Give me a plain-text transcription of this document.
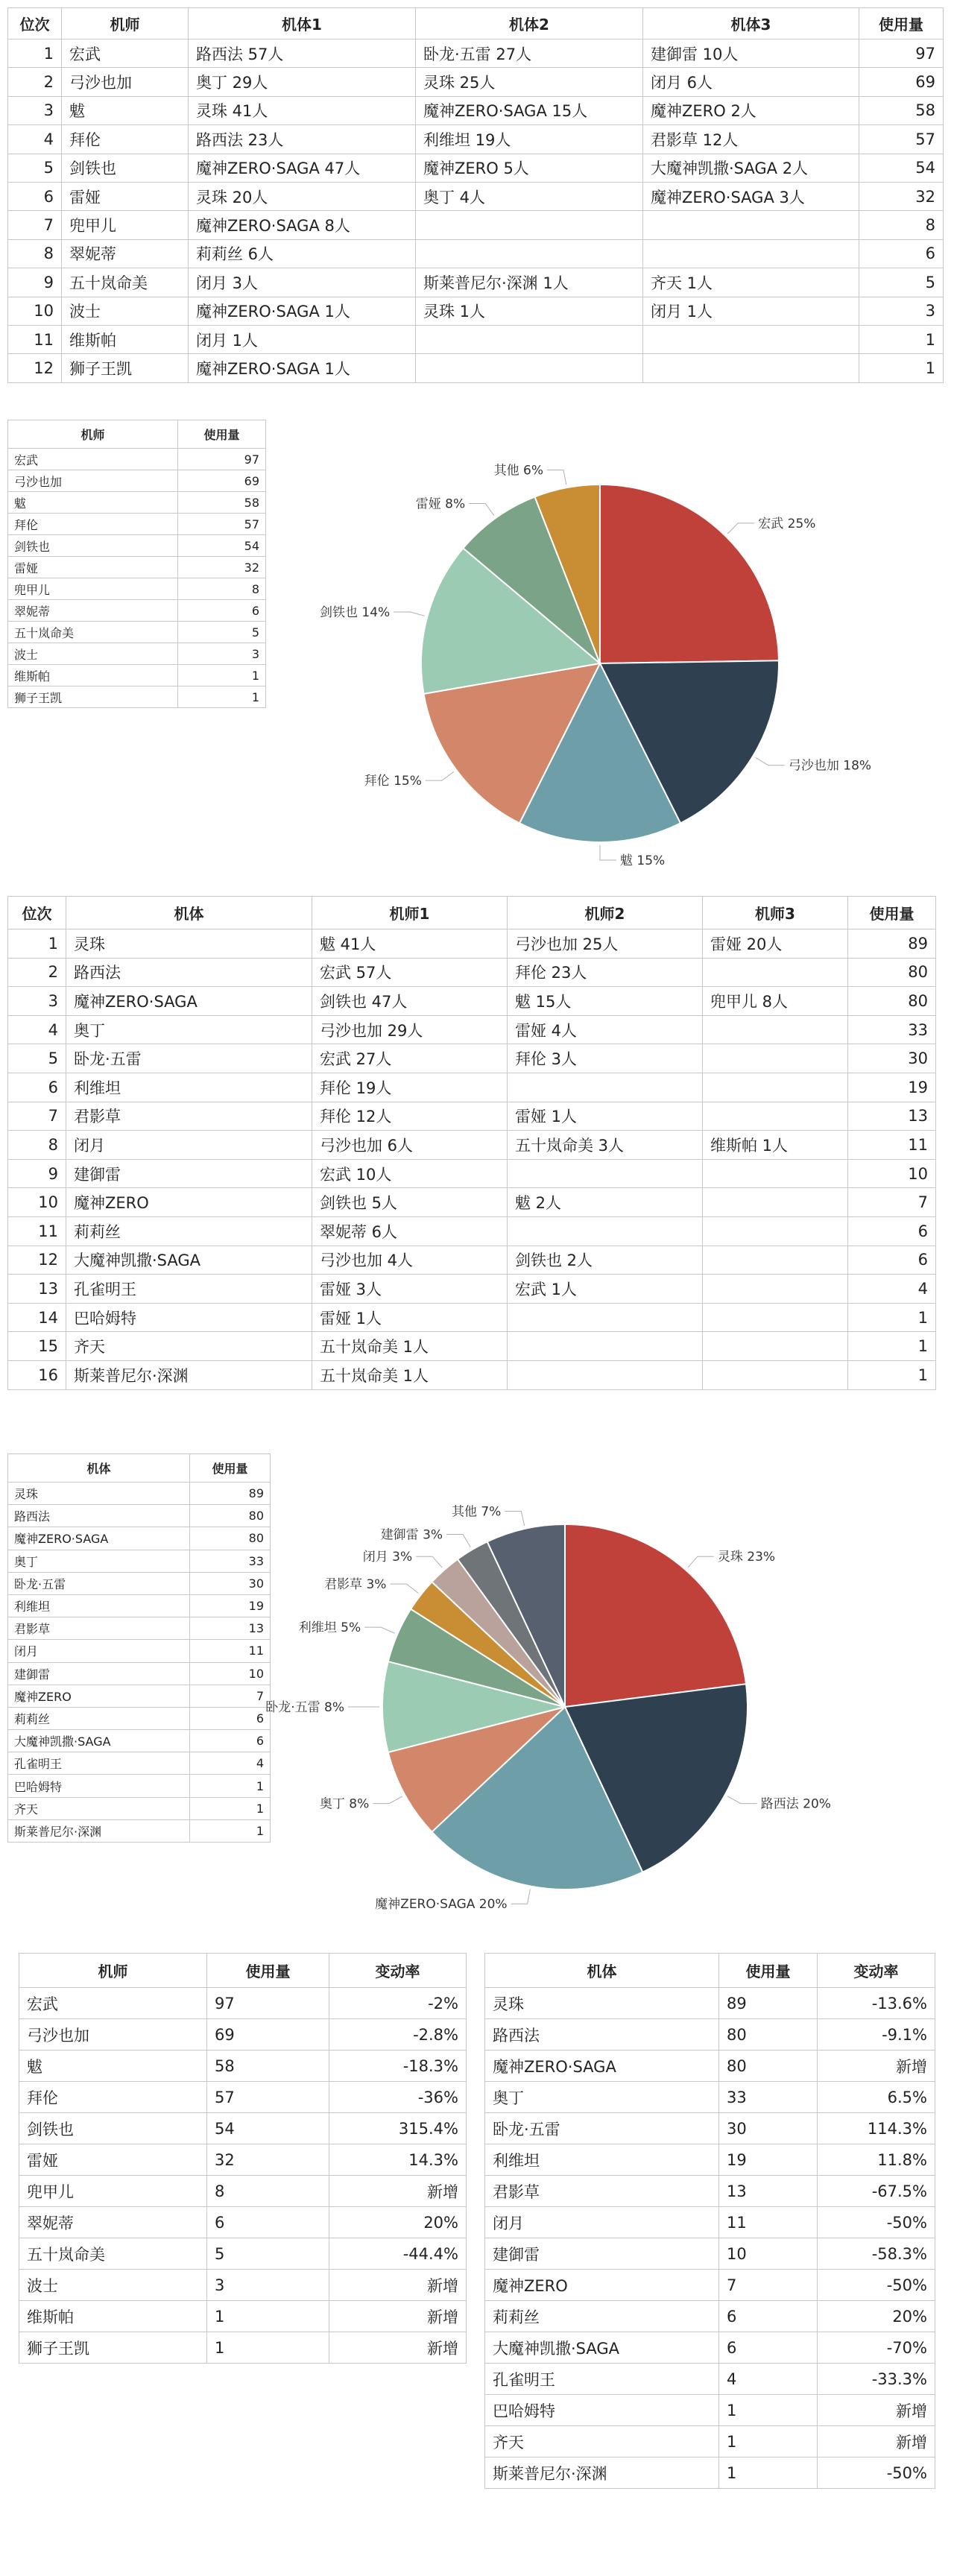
位次	机师	机体1	机体2	机体3	使用量
1	宏武	路西法 57人	卧龙·五雷 27人	建御雷 10人	97
2	弓沙也加	奥丁 29人	灵珠 25人	闭月 6人	69
3	魃	灵珠 41人	魔神ZERO·SAGA 15人	魔神ZERO 2人	58
4	拜伦	路西法 23人	利维坦 19人	君影草 12人	57
5	剑铁也	魔神ZERO·SAGA 47人	魔神ZERO 5人	大魔神凯撒·SAGA 2人	54
6	雷娅	灵珠 20人	奥丁 4人	魔神ZERO·SAGA 3人	32
7	兜甲儿	魔神ZERO·SAGA 8人			8
8	翠妮蒂	莉莉丝 6人			6
9	五十岚命美	闭月 3人	斯莱普尼尔·深渊 1人	齐天 1人	5
10	波士	魔神ZERO·SAGA 1人	灵珠 1人	闭月 1人	3
11	维斯帕	闭月 1人			1
12	狮子王凯	魔神ZERO·SAGA 1人			1
机师	使用量
宏武	97
弓沙也加	69
魃	58
拜伦	57
剑铁也	54
雷娅	32
兜甲儿	8
翠妮蒂	6
五十岚命美	5
波士	3
维斯帕	1
狮子王凯	1
宏武 25%
弓沙也加 18%
魃 15%
拜伦 15%
剑铁也 14%
雷娅 8%
其他 6%
位次	机体	机师1	机师2	机师3	使用量
1	灵珠	魃 41人	弓沙也加 25人	雷娅 20人	89
2	路西法	宏武 57人	拜伦 23人		80
3	魔神ZERO·SAGA	剑铁也 47人	魃 15人	兜甲儿 8人	80
4	奥丁	弓沙也加 29人	雷娅 4人		33
5	卧龙·五雷	宏武 27人	拜伦 3人		30
6	利维坦	拜伦 19人			19
7	君影草	拜伦 12人	雷娅 1人		13
8	闭月	弓沙也加 6人	五十岚命美 3人	维斯帕 1人	11
9	建御雷	宏武 10人			10
10	魔神ZERO	剑铁也 5人	魃 2人		7
11	莉莉丝	翠妮蒂 6人			6
12	大魔神凯撒·SAGA	弓沙也加 4人	剑铁也 2人		6
13	孔雀明王	雷娅 3人	宏武 1人		4
14	巴哈姆特	雷娅 1人			1
15	齐天	五十岚命美 1人			1
16	斯莱普尼尔·深渊	五十岚命美 1人			1
机体	使用量
灵珠	89
路西法	80
魔神ZERO·SAGA	80
奥丁	33
卧龙·五雷	30
利维坦	19
君影草	13
闭月	11
建御雷	10
魔神ZERO	7
莉莉丝	6
大魔神凯撒·SAGA	6
孔雀明王	4
巴哈姆特	1
齐天	1
斯莱普尼尔·深渊	1
灵珠 23%
路西法 20%
魔神ZERO·SAGA 20%
奥丁 8%
卧龙·五雷 8%
利维坦 5%
君影草 3%
闭月 3%
建御雷 3%
其他 7%
机师	使用量	变动率
宏武	97	-2%
弓沙也加	69	-2.8%
魃	58	-18.3%
拜伦	57	-36%
剑铁也	54	315.4%
雷娅	32	14.3%
兜甲儿	8	新增
翠妮蒂	6	20%
五十岚命美	5	-44.4%
波士	3	新增
维斯帕	1	新增
狮子王凯	1	新增
机体	使用量	变动率
灵珠	89	-13.6%
路西法	80	-9.1%
魔神ZERO·SAGA	80	新增
奥丁	33	6.5%
卧龙·五雷	30	114.3%
利维坦	19	11.8%
君影草	13	-67.5%
闭月	11	-50%
建御雷	10	-58.3%
魔神ZERO	7	-50%
莉莉丝	6	20%
大魔神凯撒·SAGA	6	-70%
孔雀明王	4	-33.3%
巴哈姆特	1	新增
齐天	1	新增
斯莱普尼尔·深渊	1	-50%
